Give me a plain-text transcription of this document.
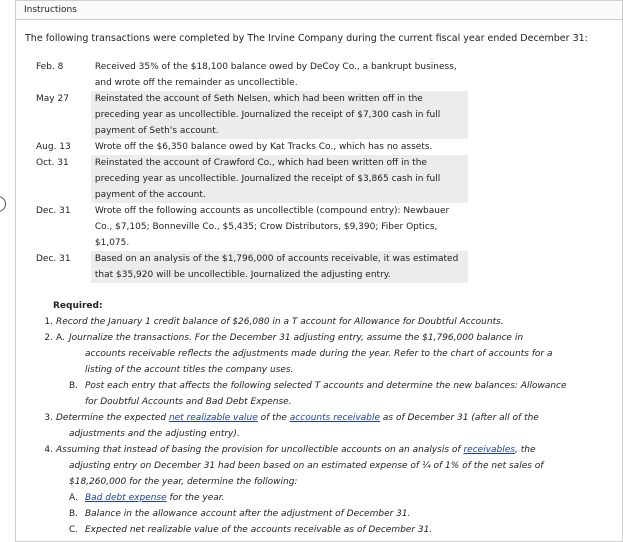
Instructions
The following transactions were completed by The Irvine Company during the current fiscal year ended December 31:
Feb. 8	Received 35% of the $18,100 balance owed by DeCoy Co., a bankrupt business,
and wrote off the remainder as uncollectible.
May 27	Reinstated the account of Seth Nelsen, which had been written off in the
preceding year as uncollectible. Journalized the receipt of $7,300 cash in full
payment of Seth's account.
Aug. 13	Wrote off the $6,350 balance owed by Kat Tracks Co., which has no assets.
Oct. 31	Reinstated the account of Crawford Co., which had been written off in the
preceding year as uncollectible. Journalized the receipt of $3,865 cash in full
payment of the account.
Dec. 31	Wrote off the following accounts as uncollectible (compound entry): Newbauer
Co., $7,105; Bonneville Co., $5,435; Crow Distributors, $9,390; Fiber Optics,
$1,075.
Dec. 31	Based on an analysis of the $1,796,000 of accounts receivable, it was estimated
that $35,920 will be uncollectible. Journalized the adjusting entry.
Required:
1. Record the January 1 credit balance of $26,080 in a T account for Allowance for Doubtful Accounts.
2. A. Journalize the transactions. For the December 31 adjusting entry, assume the $1,796,000 balance in
accounts receivable reflects the adjustments made during the year. Refer to the chart of accounts for a
listing of the account titles the company uses.
B. Post each entry that affects the following selected T accounts and determine the new balances: Allowance
for Doubtful Accounts and Bad Debt Expense.
3. Determine the expected net realizable value of the accounts receivable as of December 31 (after all of the
adjustments and the adjusting entry).
4. Assuming that instead of basing the provision for uncollectible accounts on an analysis of receivables, the
adjusting entry on December 31 had been based on an estimated expense of ¼ of 1% of the net sales of
$18,260,000 for the year, determine the following:
A. Bad debt expense for the year.
B. Balance in the allowance account after the adjustment of December 31.
C. Expected net realizable value of the accounts receivable as of December 31.
